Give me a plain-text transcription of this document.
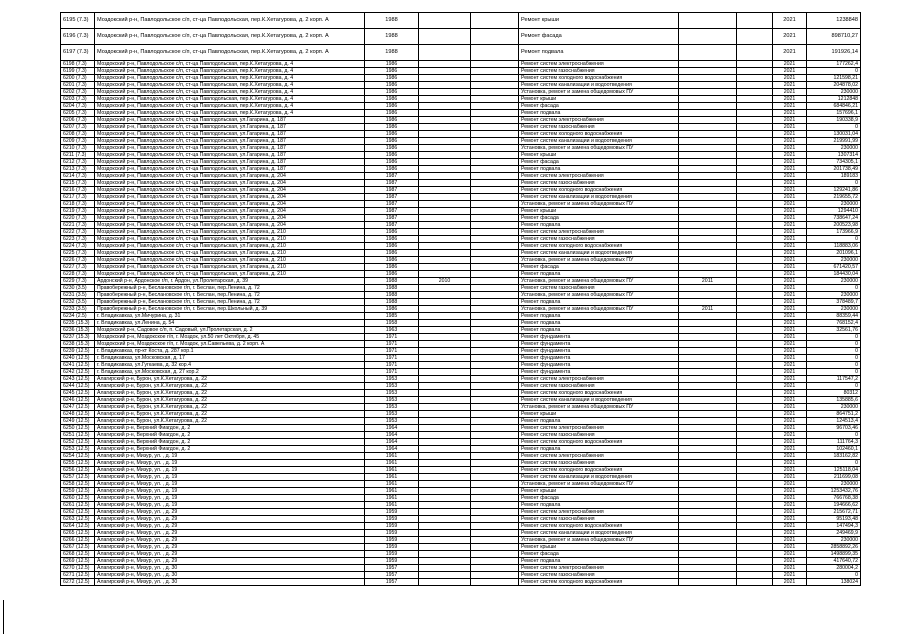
6195 (7.3)	Моздокский р-н, Павлодольское с/п, ст-ца Павлодольская, пер.К.Хетагурова, д. 2 корп. А	1988			Ремонт крыши			2021	1238848
6196 (7.3)	Моздокский р-н, Павлодольское с/п, ст-ца Павлодольская, пер.К.Хетагурова, д. 2 корп. А	1988			Ремонт фасада			2021	898710,27
6197 (7.3)	Моздокский р-н, Павлодольское с/п, ст-ца Павлодольская, пер.К.Хетагурова, д. 2 корп. А	1988			Ремонт подвала			2021	191926,14
6198 (7.3)	Моздокский р-н, Павлодольское с/п, ст-ца Павлодольская, пер.К.Хетагурова, д. 4	1986			Ремонт систем электроснабжения			2021	177262,4
6199 (7.3)	Моздокский р-н, Павлодольское с/п, ст-ца Павлодольская, пер.К.Хетагурова, д. 4	1986			Ремонт систем газоснабжения			2021	0
6200 (7.3)	Моздокский р-н, Павлодольское с/п, ст-ца Павлодольская, пер.К.Хетагурова, д. 4	1986			Ремонт систем холодного водоснабжения			2021	121598,21
6201 (7.3)	Моздокский р-н, Павлодольское с/п, ст-ца Павлодольская, пер.К.Хетагурова, д. 4	1986			Ремонт систем канализации и водоотведения			2021	204878,02
6202 (7.3)	Моздокский р-н, Павлодольское с/п, ст-ца Павлодольская, пер.К.Хетагурова, д. 4	1986			Установка, ремонт и замена общедомовых ПУ			2021	230000
6203 (7.3)	Моздокский р-н, Павлодольское с/п, ст-ца Павлодольская, пер.К.Хетагурова, д. 4	1986			Ремонт крыши			2021	1212848
6204 (7.3)	Моздокский р-н, Павлодольское с/п, ст-ца Павлодольская, пер.К.Хетагурова, д. 4	1986			Ремонт фасада			2021	684846,21
6205 (7.3)	Моздокский р-н, Павлодольское с/п, ст-ца Павлодольская, пер.К.Хетагурова, д. 4	1986			Ремонт подвала			2021	157696,1
6206 (7.3)	Моздокский р-н, Павлодольское с/п, ст-ца Павлодольская, ул.Гагарина, д. 187	1986			Ремонт систем электроснабжения			2021	190338,9
6207 (7.3)	Моздокский р-н, Павлодольское с/п, ст-ца Павлодольская, ул.Гагарина, д. 187	1986			Ремонт систем газоснабжения			2021	0
6208 (7.3)	Моздокский р-н, Павлодольское с/п, ст-ца Павлодольская, ул.Гагарина, д. 187	1986			Ремонт систем холодного водоснабжения			2021	130031,04
6209 (7.3)	Моздокский р-н, Павлодольское с/п, ст-ца Павлодольская, ул.Гагарина, д. 187	1986			Ремонт систем канализации и водоотведения			2021	219991,99
6210 (7.3)	Моздокский р-н, Павлодольское с/п, ст-ца Павлодольская, ул.Гагарина, д. 187	1986			Установка, ремонт и замена общедомовых ПУ			2021	230000
6211 (7.3)	Моздокский р-н, Павлодольское с/п, ст-ца Павлодольская, ул.Гагарина, д. 187	1986			Ремонт крыши			2021	1307314
6212 (7.3)	Моздокский р-н, Павлодольское с/п, ст-ца Павлодольская, ул.Гагарина, д. 187	1986			Ремонт фасада			2021	734305,1
6213 (7.3)	Моздокский р-н, Павлодольское с/п, ст-ца Павлодольская, ул.Гагарина, д. 187	1986			Ремонт подвала			2021	201738,49
6214 (7.3)	Моздокский р-н, Павлодольское с/п, ст-ца Павлодольская, ул.Гагарина, д. 204	1987			Ремонт систем электроснабжения			2021	189183
6215 (7.3)	Моздокский р-н, Павлодольское с/п, ст-ца Павлодольская, ул.Гагарина, д. 204	1987			Ремонт систем газоснабжения			2021	0
6216 (7.3)	Моздокский р-н, Павлодольское с/п, ст-ца Павлодольская, ул.Гагарина, д. 204	1987			Ремонт систем холодного водоснабжения			2021	129241,86
6217 (7.3)	Моздокский р-н, Павлодольское с/п, ст-ца Павлодольская, ул.Гагарина, д. 204	1987			Ремонт систем канализации и водоотведения			2021	219655,72
6218 (7.3)	Моздокский р-н, Павлодольское с/п, ст-ца Павлодольская, ул.Гагарина, д. 204	1987			Установка, ремонт и замена общедомовых ПУ			2021	230000
6219 (7.3)	Моздокский р-н, Павлодольское с/п, ст-ца Павлодольская, ул.Гагарина, д. 204	1987			Ремонт крыши			2021	1294410
6220 (7.3)	Моздокский р-н, Павлодольское с/п, ст-ца Павлодольская, ул.Гагарина, д. 204	1987			Ремонт фасада			2021	738647,24
6221 (7.3)	Моздокский р-н, Павлодольское с/п, ст-ца Павлодольская, ул.Гагарина, д. 204	1987			Ремонт подвала			2021	200523,98
6222 (7.3)	Моздокский р-н, Павлодольское с/п, ст-ца Павлодольская, ул.Гагарина, д. 210	1986			Ремонт систем электроснабжения			2021	173966,9
6223 (7.3)	Моздокский р-н, Павлодольское с/п, ст-ца Павлодольская, ул.Гагарина, д. 210	1986			Ремонт систем газоснабжения			2021	0
6224 (7.3)	Моздокский р-н, Павлодольское с/п, ст-ца Павлодольская, ул.Гагарина, д. 210	1986			Ремонт систем холодного водоснабжения			2021	118883,06
6225 (7.3)	Моздокский р-н, Павлодольское с/п, ст-ца Павлодольская, ул.Гагарина, д. 210	1986			Ремонт систем канализации и водоотведения			2021	201096,1
6226 (7.3)	Моздокский р-н, Павлодольское с/п, ст-ца Павлодольская, ул.Гагарина, д. 210	1986			Установка, ремонт и замена общедомовых ПУ			2021	230000
6227 (7.3)	Моздокский р-н, Павлодольское с/п, ст-ца Павлодольская, ул.Гагарина, д. 210	1986			Ремонт фасада			2021	671420,57
6228 (7.3)	Моздокский р-н, Павлодольское с/п, ст-ца Павлодольская, ул.Гагарина, д. 210	1986			Ремонт подвала			2021	184430,04
6229 (7.3)	Ардонский р-н, Ардонское г/п, г. Ардон, ул.Пролетарская, д. 39	1988	2010		Установка, ремонт и замена общедомовых ПУ	2011		2021	230000
6230 (3.5)	Правобережный р-н, Беслановское г/п, г. Беслан, пер.Ленина, д. 72	1988			Ремонт систем газоснабжения			2021	0
6231 (3.5)	Правобережный р-н, Беслановское г/п, г. Беслан, пер.Ленина, д. 72	1988			Установка, ремонт и замена общедомовых ПУ			2021	230000
6232 (3.5)	Правобережный р-н, Беслановское г/п, г. Беслан, пер.Ленина, д. 72	1988			Ремонт подвала			2021	378489,7
6233 (3.5)	Правобережный р-н, Беслановское г/п, г. Беслан, пер.Школьный, д. 39	1986			Установка, ремонт и замена общедомовых ПУ	2011		2021	230000
6234 (2.5)	г. Владикавказ, ул.Мичурина, д. 31	1985			Ремонт подвала			2021	88359,44
6235 (15.3)	г. Владикавказ, ул.Ленина, д. 54	1958			Ремонт подвала			2021	768152,4
6236 (15.3)	Моздокский р-н, Садовое с/п, п. Садовый, ул.Пролетарская, д. 2	1963			Ремонт подвала			2021	32561,76
6237 (15.3)	Моздокский р-н, Моздокское г/п, г. Моздок, ул.50 лет Октября, д. 45	1971			Ремонт фундамента			2021	0
6238 (15.3)	Моздокский р-н, Моздокское г/п, г. Моздок, ул.Савельева, д. 2 корп. А	1971			Ремонт фундамента			2021	0
6239 (12.5)	г. Владикавказ, пр-кт Коста, д. 287 кор.1	1971			Ремонт фундамента			2021	0
6240 (12.5)	г. Владикавказ, ул.Московская, д. 17	1971			Ремонт фундамента			2021	0
6241 (12.5)	г. Владикавказ, ул.Гугкаева, д. 32 кор.4	1971			Ремонт фундамента			2021	0
6242 (12.5)	г. Владикавказ, ул.Московская, д. 27 кор.2	1971			Ремонт фундамента			2021	0
6243 (12.5)	Алагирский р-н, Бурон, ул.К.Хетагурова, д. 22	1953			Ремонт систем электроснабжения			2021	117547,2
6244 (12.5)	Алагирский р-н, Бурон, ул.К.Хетагурова, д. 22	1953			Ремонт систем газоснабжения			2021	0
6245 (12.5)	Алагирский р-н, Бурон, ул.К.Хетагурова, д. 22	1953			Ремонт систем холодного водоснабжения			2021	80312
6246 (12.5)	Алагирский р-н, Бурон, ул.К.Хетагурова, д. 22	1953			Ремонт систем канализации и водоотведения			2021	135885,6
6247 (12.5)	Алагирский р-н, Бурон, ул.К.Хетагурова, д. 22	1953			Установка, ремонт и замена общедомовых ПУ			2021	230000
6248 (12.5)	Алагирский р-н, Бурон, ул.К.Хетагурова, д. 22	1953			Ремонт крыши			2021	864751,2
6249 (12.5)	Алагирский р-н, Бурон, ул.К.Хетагурова, д. 22	1953			Ремонт подвала			2021	124513,4
6250 (12.5)	Алагирский р-н, Верхний Фиагдон, д. 2	1964			Ремонт систем электроснабжения			2021	96703,46
6251 (12.5)	Алагирский р-н, Верхний Фиагдон, д. 2	1964			Ремонт систем газоснабжения			2021	0
6252 (12.5)	Алагирский р-н, Верхний Фиагдон, д. 2	1964			Ремонт систем холодного водоснабжения			2021	111764,3
6253 (12.5)	Алагирский р-н, Верхний Фиагдон, д. 2	1964			Ремонт подвала			2021	102460,1
6254 (12.5)	Алагирский р-н, Мизур, ул. , д. 19	1961			Ремонт систем электроснабжения			2021	183162,82
6255 (12.5)	Алагирский р-н, Мизур, ул. , д. 19	1961			Ремонт систем газоснабжения			2021	0
6256 (12.5)	Алагирский р-н, Мизур, ул. , д. 19	1961			Ремонт систем холодного водоснабжения			2021	125118,04
6257 (12.5)	Алагирский р-н, Мизур, ул. , д. 19	1961			Ремонт систем канализации и водоотведения			2021	211699,08
6258 (12.5)	Алагирский р-н, Мизур, ул. , д. 19	1961			Установка, ремонт и замена общедомовых ПУ			2021	230000
6259 (12.5)	Алагирский р-н, Мизур, ул. , д. 19	1961			Ремонт крыши			2021	1253432,76
6260 (12.5)	Алагирский р-н, Мизур, ул. , д. 19	1961			Ремонт фасада			2021	766768,38
6261 (12.5)	Алагирский р-н, Мизур, ул. , д. 19	1961			Ремонт подвала			2021	194666,62
6262 (12.5)	Алагирский р-н, Мизур, ул. , д. 29	1959			Ремонт систем электроснабжения			2021	215672,71
6263 (12.5)	Алагирский р-н, Мизур, ул. , д. 29	1959			Ремонт систем газоснабжения			2021	95193,48
6264 (12.5)	Алагирский р-н, Мизур, ул. , д. 29	1959			Ремонт систем холодного водоснабжения			2021	147494,3
6265 (12.5)	Алагирский р-н, Мизур, ул. , д. 29	1959			Ремонт систем канализации и водоотведения			2021	249469,9
6266 (12.5)	Алагирский р-н, Мизур, ул. , д. 29	1959			Установка, ремонт и замена общедомовых ПУ			2021	230000
6267 (12.5)	Алагирский р-н, Мизур, ул. , д. 29	1959			Ремонт крыши			2021	2858892,26
6268 (12.5)	Алагирский р-н, Мизур, ул. , д. 29	1959			Ремонт фасада			2021	1498899,35
6269 (12.5)	Алагирский р-н, Мизур, ул. , д. 29	1959			Ремонт подвала			2021	417640,72
6270 (12.5)	Алагирский р-н, Мизур, ул. , д. 30	1957			Ремонт систем электроснабжения			2021	280004,2
6271 (12.5)	Алагирский р-н, Мизур, ул. , д. 30	1957			Ремонт систем газоснабжения			2021	0
6272 (12.5)	Алагирский р-н, Мизур, ул. , д. 30	1957			Ремонт систем холодного водоснабжения			2021	138024
